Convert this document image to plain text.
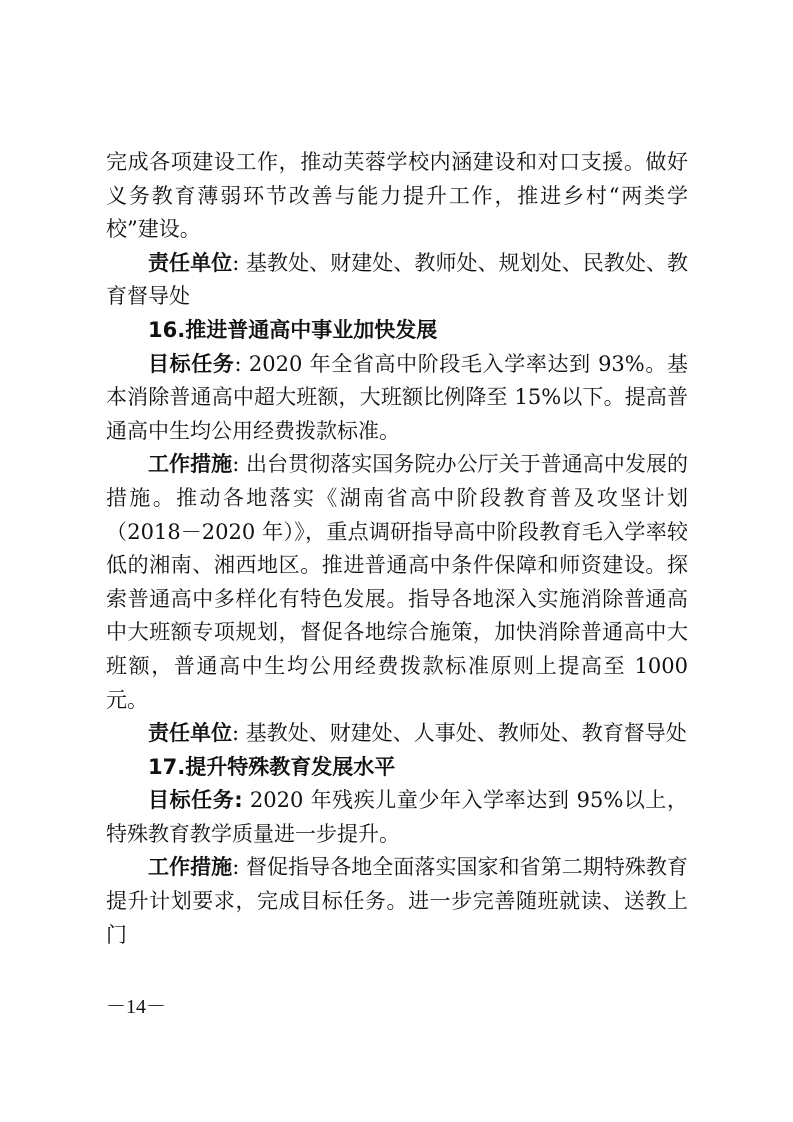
完成各项建设工作，推动芙蓉学校内涵建设和对口支援。做好义务教育薄弱环节改善与能力提升工作，推进乡村“两类学校”建设。

责任单位: 基教处、财建处、教师处、规划处、民教处、教育督导处

16.推进普通高中事业加快发展

目标任务: 2020 年全省高中阶段毛入学率达到 93%。基本消除普通高中超大班额，大班额比例降至 15%以下。提高普通高中生均公用经费拨款标准。

工作措施: 出台贯彻落实国务院办公厅关于普通高中发展的措施。推动各地落实《湖南省高中阶段教育普及攻坚计划（2018－2020 年）》，重点调研指导高中阶段教育毛入学率较低的湘南、湘西地区。推进普通高中条件保障和师资建设。探索普通高中多样化有特色发展。指导各地深入实施消除普通高中大班额专项规划，督促各地综合施策，加快消除普通高中大班额，普通高中生均公用经费拨款标准原则上提高至 1000 元。

责任单位: 基教处、财建处、人事处、教师处、教育督导处

17.提升特殊教育发展水平

目标任务: 2020 年残疾儿童少年入学率达到 95%以上，特殊教育教学质量进一步提升。

工作措施: 督促指导各地全面落实国家和省第二期特殊教育提升计划要求，完成目标任务。进一步完善随班就读、送教上门

－14－
